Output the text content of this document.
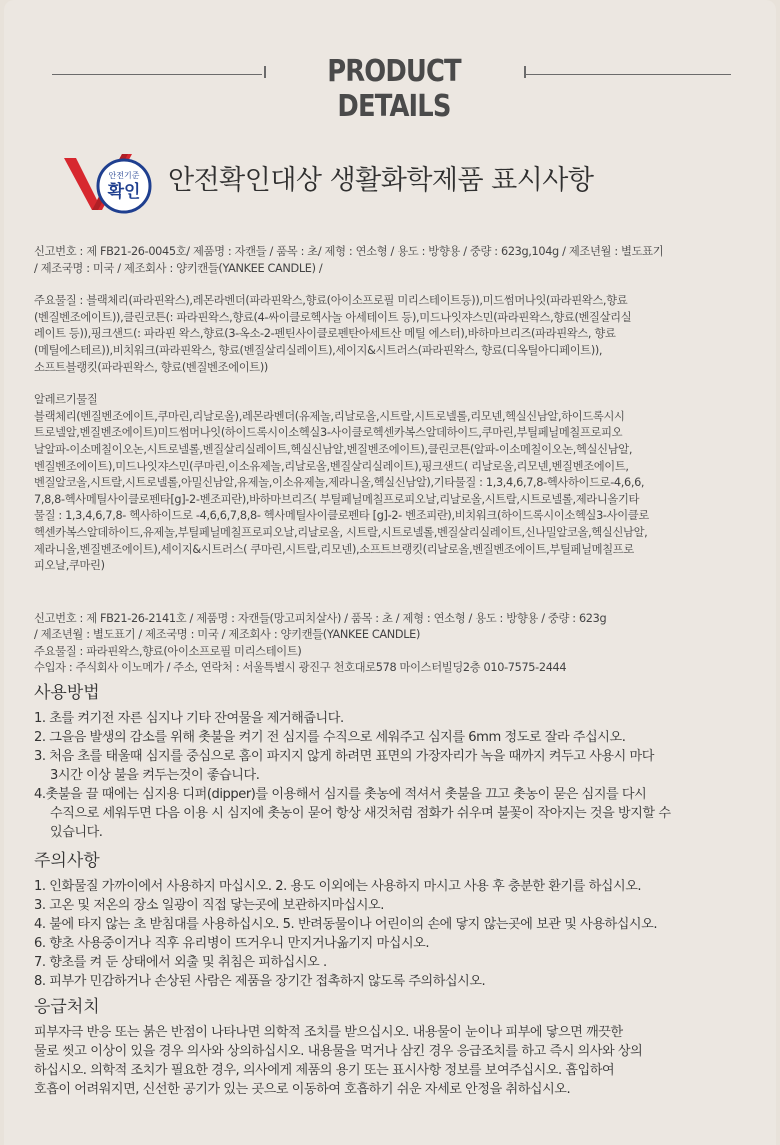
PRODUCT DETAILS
안전기준
확인 안전확인대상 생활화학제품 표시사항

신고번호 : 제 FB21-26-0045호/ 제품명 : 자캔들 / 품목 : 초/ 제형 : 연소형 / 용도 : 방향용 / 중량 : 623g,104g / 제조년월 : 별도표기

/ 제조국명 : 미국 / 제조회사 : 양키캔들(YANKEE CANDLE) /

주요물질 : 블랙체리(파라핀왁스),레몬라벤더(파라핀왁스,향료(아이소프로필 미리스테이트등)),미드썸머나잇(파라핀왁스,향료

(벤질벤조에이트)),클린코튼(: 파라핀왁스,향료(4-싸이클로헥사놀 아세테이트 등),미드나잇쟈스민(파라핀왁스,향료(벤질살리실

레이트 등)),핑크샌드(: 파라핀 왁스,향료(3-옥소-2-펜틴사이클로펜탄아세트산 메틸 에스터),바하마브리즈(파라핀왁스, 향료

(메틸에스테르)),비치워크(파라핀왁스, 향료(벤질살리실레이트),세이지&시트러스(파라핀왁스, 향료(디옥틸아디페이트)),

소프트블랭킷(파라핀왁스, 향료(벤질벤조에이트))

알레르기물질

블랙체리(벤질벤조에이트,쿠마린,리날로올),레몬라벤더(유제놀,리날로올,시트랄,시트로넬롤,리모넨,헥실신남알,하이드록시시

트로넬알,벤질벤조에이트)미드썸머나잇(하이드록시이소헥실3-사이클로헥센카복스알데하이드,쿠마린,부틸페닐메칠프로피오

날알파-이소메칠이오논,시트로넬롤,벤질살리실레이트,헥실신남알,벤질벤조에이트),클린코튼(알파-이소메칠이오논,헥실신남알,

벤질벤조에이트),미드나잇쟈스민(쿠마린,이소유제놀,리날로올,벤질살리실레이트),핑크샌드( 리날로올,리모넨,벤질벤조에이트,

벤질알코올,시트랄,시트로넬롤,아밀신남알,유제놀,이소유제놀,제라니올,헥실신남알),기타물질 : 1,3,4,6,7,8-헥사하이드로-4,6,6,

7,8,8-헥사메틸사이클로펜타[g]-2-벤조피란),바하마브리즈( 부틸페닐메칠프로피오날,리날로올,시트랄,시트로넬롤,제라니올기타

물질 : 1,3,4,6,7,8- 헥사하이드로 -4,6,6,7,8,8- 헥사메틸사이클로펜타 [g]-2- 벤조피란),비치워크(하이드록시이소헥실3-사이클로

헥센카복스알데하이드,유제놀,부틸페닐메칠프로피오날,리날로올, 시트랄,시트로넬롤,벤질살리실레이트,신나밀알코올,헥실신남알,

제라니올,벤질벤조에이트),세이지&시트러스( 쿠마린,시트랄,리모넨),소프트브랭킷(리날로올,벤질벤조에이트,부틸페닐메칠프로

피오날,쿠마린)

신고번호 : 제 FB21-26-2141호 / 제품명 : 자캔들(망고피치살사) / 품목 : 초 / 제형 : 연소형 / 용도 : 방향용 / 중량 : 623g

/ 제조년월 : 별도표기 / 제조국명 : 미국 / 제조회사 : 양키캔들(YANKEE CANDLE)

주요물질 : 파라핀왁스,향료(아이소프로필 미리스테이트)

수입자 : 주식회사 이노메가 / 주소, 연락처 : 서울특별시 광진구 천호대로578 마이스터빌딩2층 010-7575-2444

사용방법

1. 초를 켜기전 자른 심지나 기타 잔여물을 제거해줍니다.

2. 그을음 발생의 감소를 위해 촛불을 켜기 전 심지를 수직으로 세워주고 심지를 6mm 정도로 잘라 주십시오.

3. 처음 초를 태울때 심지를 중심으로 홈이 파지지 않게 하려면 표면의 가장자리가 녹을 때까지 켜두고 사용시 마다

3시간 이상 불을 켜두는것이 좋습니다.

4.촛불을 끌 때에는 심지용 디퍼(dipper)를 이용해서 심지를 촛농에 적셔서 촛불을 끄고 촛농이 묻은 심지를 다시

수직으로 세워두면 다음 이용 시 심지에 촛농이 묻어 항상 새것처럼 점화가 쉬우며 불꽃이 작아지는 것을 방지할 수

있습니다.

주의사항

1. 인화물질 가까이에서 사용하지 마십시오. 2. 용도 이외에는 사용하지 마시고 사용 후 충분한 환기를 하십시오.

3. 고온 및 저온의 장소 일광이 직접 닿는곳에 보관하지마십시오.

4. 불에 타지 않는 초 받침대를 사용하십시오. 5. 반려동물이나 어린이의 손에 닿지 않는곳에 보관 및 사용하십시오.

6. 향초 사용중이거나 직후 유리병이 뜨거우니 만지거나옮기지 마십시오.

7. 향초를 켜 둔 상태에서 외출 및 취침은 피하십시오 .

8. 피부가 민감하거나 손상된 사람은 제품을 장기간 접촉하지 않도록 주의하십시오.

응급처치

피부자극 반응 또는 붉은 반점이 나타나면 의학적 조치를 받으십시오. 내용물이 눈이나 피부에 닿으면 깨끗한

물로 씻고 이상이 있을 경우 의사와 상의하십시오. 내용물을 먹거나 삼킨 경우 응급조치를 하고 즉시 의사와 상의

하십시오. 의학적 조치가 필요한 경우, 의사에게 제품의 용기 또는 표시사항 정보를 보여주십시오. 흡입하여

호흡이 어려워지면, 신선한 공기가 있는 곳으로 이동하여 호흡하기 쉬운 자세로 안정을 취하십시오.
